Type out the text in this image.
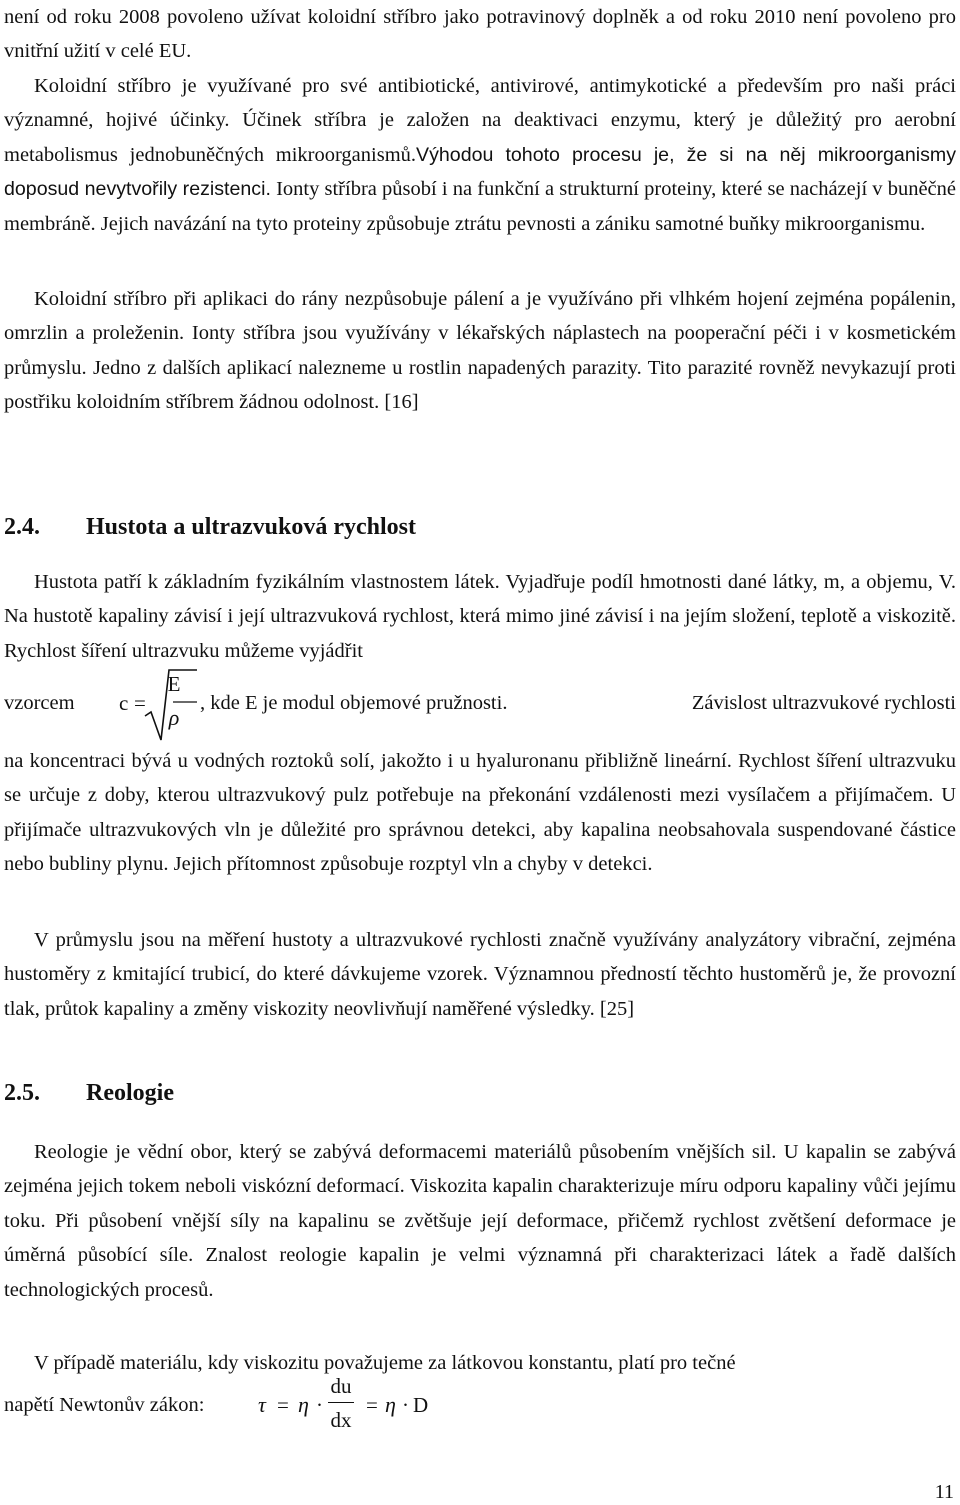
není od roku 2008 povoleno užívat koloidní stříbro jako potravinový doplněk a od roku 2010 není povoleno pro vnitřní užití v celé EU.

Koloidní stříbro je využívané pro své antibiotické, antivirové, antimykotické a především pro naši práci významné, hojivé účinky. Účinek stříbra je založen na deaktivaci enzymu, který je důležitý pro aerobní metabolismus jednobuněčných mikroorganismů.Výhodou tohoto procesu je, že si na něj mikroorganismy doposud nevytvořily rezistenci. Ionty stříbra působí i na funkční a strukturní proteiny, které se nacházejí v buněčné membráně. Jejich navázání na tyto proteiny způsobuje ztrátu pevnosti a zániku samotné buňky mikroorganismu.

Koloidní stříbro při aplikaci do rány nezpůsobuje pálení a je využíváno při vlhkém hojení zejména popálenin, omrzlin a proleženin. Ionty stříbra jsou využívány v lékařských náplastech na pooperační péči i v kosmetickém průmyslu. Jedno z dalších aplikací nalezneme u rostlin napadených parazity. Tito parazité rovněž nevykazují proti postřiku koloidním stříbrem žádnou odolnost. [16]

2.4. Hustota a ultrazvuková rychlost

Hustota patří k základním fyzikálním vlastnostem látek. Vyjadřuje podíl hmotnosti dané látky, m, a objemu, V. Na hustotě kapaliny závisí i její ultrazvuková rychlost, která mimo jiné závisí i na jejím složení, teplotě a viskozitě. Rychlost šíření ultrazvuku můžeme vyjádřit

vzorcem c =
E
ρ
, kde E je modul objemové pružnosti.	Závislost ultrazvukové rychlosti

na koncentraci bývá u vodných roztoků solí, jakožto i u hyaluronanu přibližně lineární. Rychlost šíření ultrazvuku se určuje z doby, kterou ultrazvukový pulz potřebuje na překonání vzdálenosti mezi vysílačem a přijímačem. U přijímače ultrazvukových vln je důležité pro správnou detekci, aby kapalina neobsahovala suspendované částice nebo bubliny plynu. Jejich přítomnost způsobuje rozptyl vln a chyby v detekci.

V průmyslu jsou na měření hustoty a ultrazvukové rychlosti značně využívány analyzátory vibrační, zejména hustoměry z kmitající trubicí, do které dávkujeme vzorek. Významnou předností těchto hustoměrů je, že provozní tlak, průtok kapaliny a změny viskozity neovlivňují naměřené výsledky. [25]

2.5. Reologie

Reologie je vědní obor, který se zabývá deformacemi materiálů působením vnějších sil. U kapalin se zabývá zejména jejich tokem neboli viskózní deformací. Viskozita kapalin charakterizuje míru odporu kapaliny vůči jejímu toku. Při působení vnější síly na kapalinu se zvětšuje její deformace, přičemž rychlost zvětšení deformace je úměrná působící síle. Znalost reologie kapalin je velmi významná při charakterizaci látek a řadě dalších technologických procesů.

V případě materiálu, kdy viskozitu považujeme za látkovou konstantu, platí pro tečné

napětí Newtonův zákon: τ = η ·
du
dx
= η · D
11
